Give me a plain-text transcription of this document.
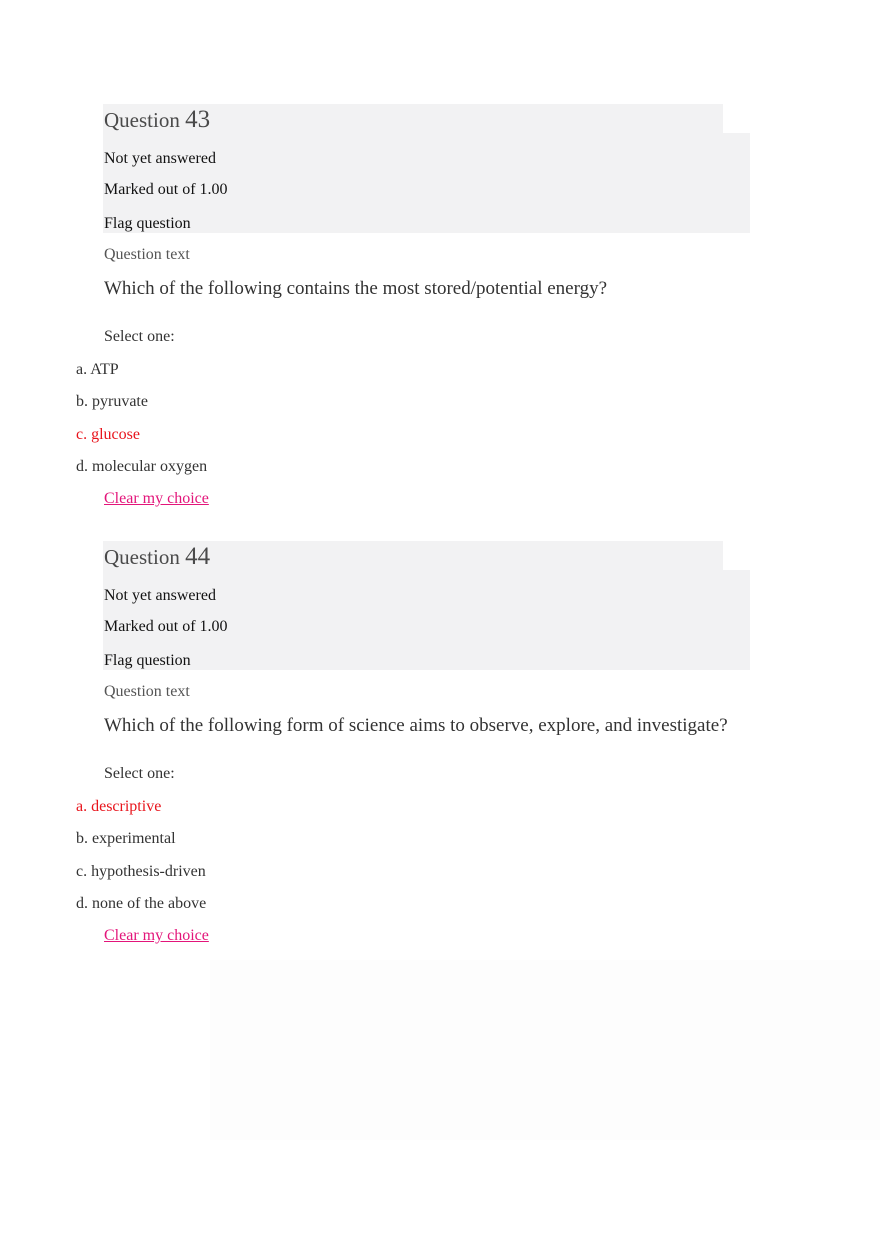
Question 43
Not yet answered
Marked out of 1.00
Flag question
Question text
Which of the following contains the most stored/potential energy?
Select one:
a. ATP
b. pyruvate
c. glucose
d. molecular oxygen
Clear my choice
Question 44
Not yet answered
Marked out of 1.00
Flag question
Question text
Which of the following form of science aims to observe, explore, and investigate?
Select one:
a. descriptive
b. experimental
c. hypothesis-driven
d. none of the above
Clear my choice
